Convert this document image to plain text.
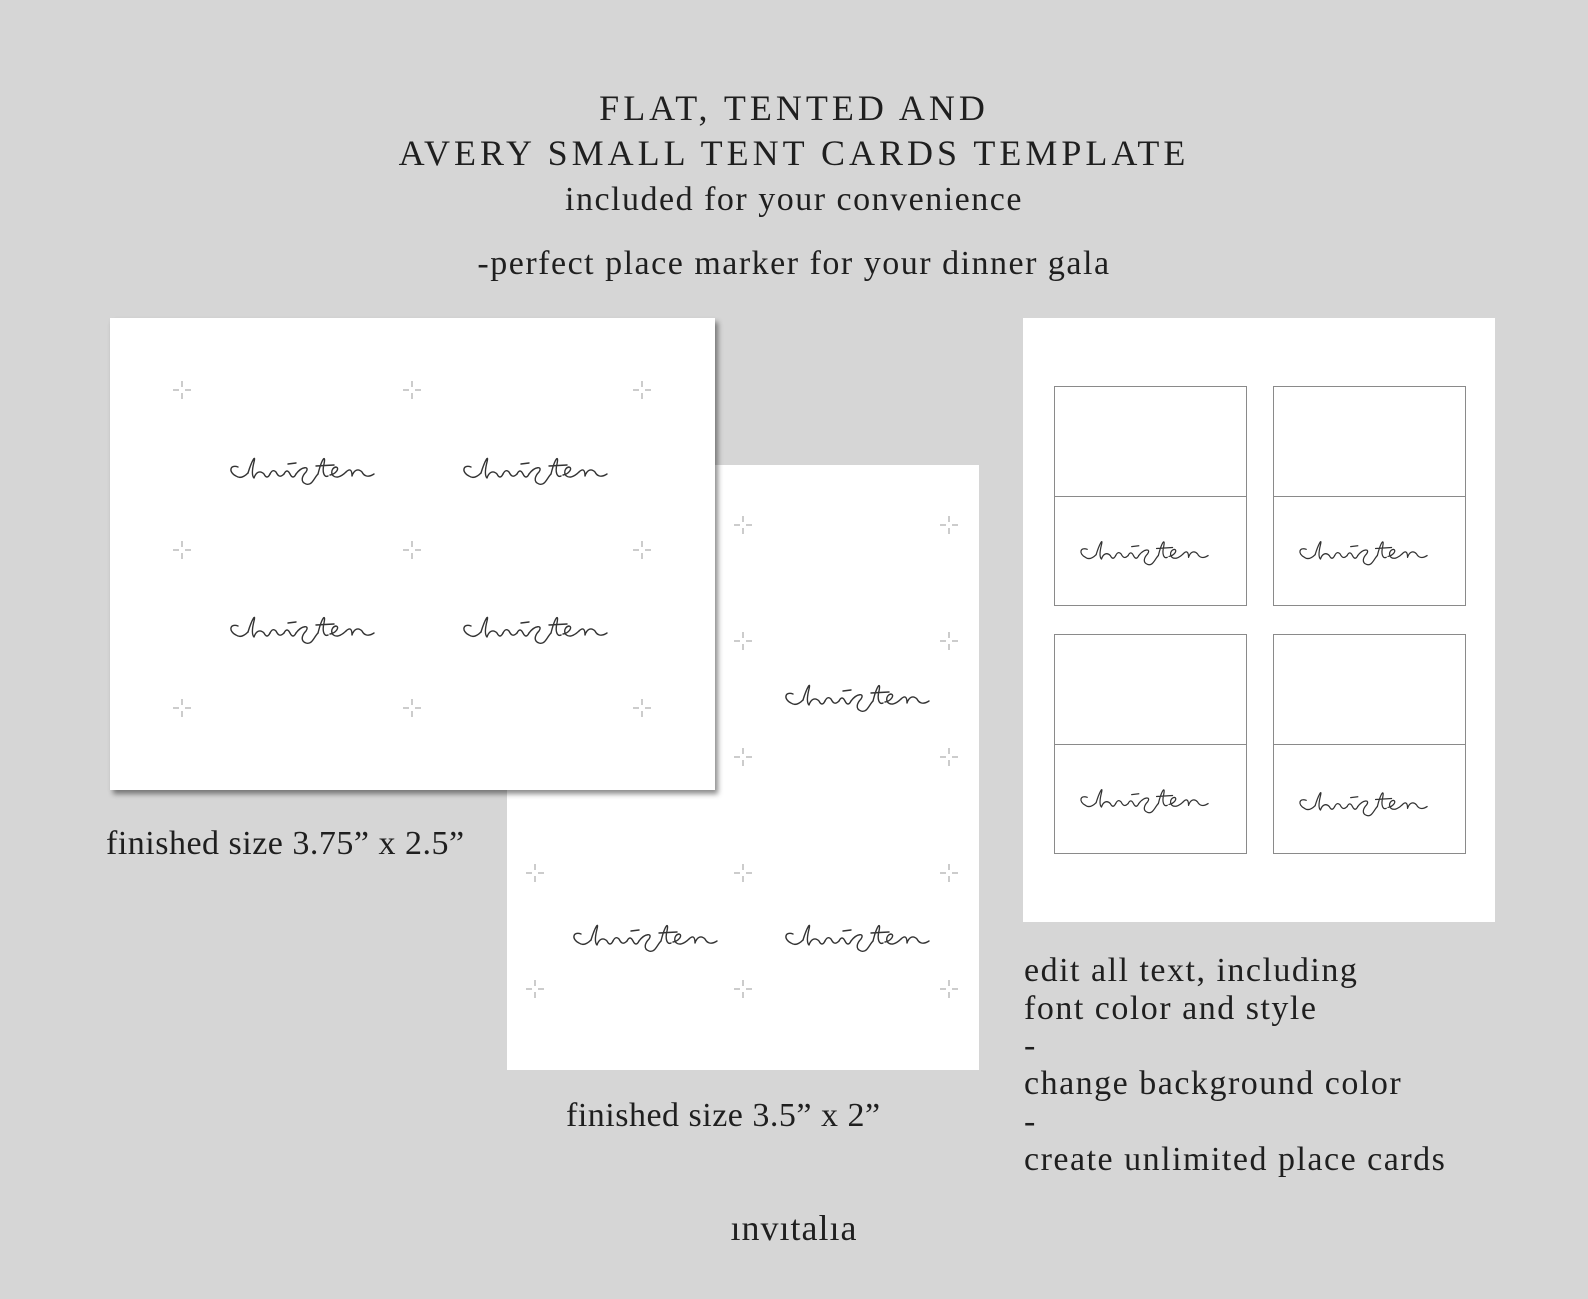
FLAT, TENTED AND
AVERY SMALL TENT CARDS TEMPLATE
included for your convenience
-perfect place marker for your dinner gala
finished size 3.75” x 2.5”
finished size 3.5” x 2”
edit all text, including
font color and style
-
change background color
-
create unlimited place cards
ınvıtalıa
